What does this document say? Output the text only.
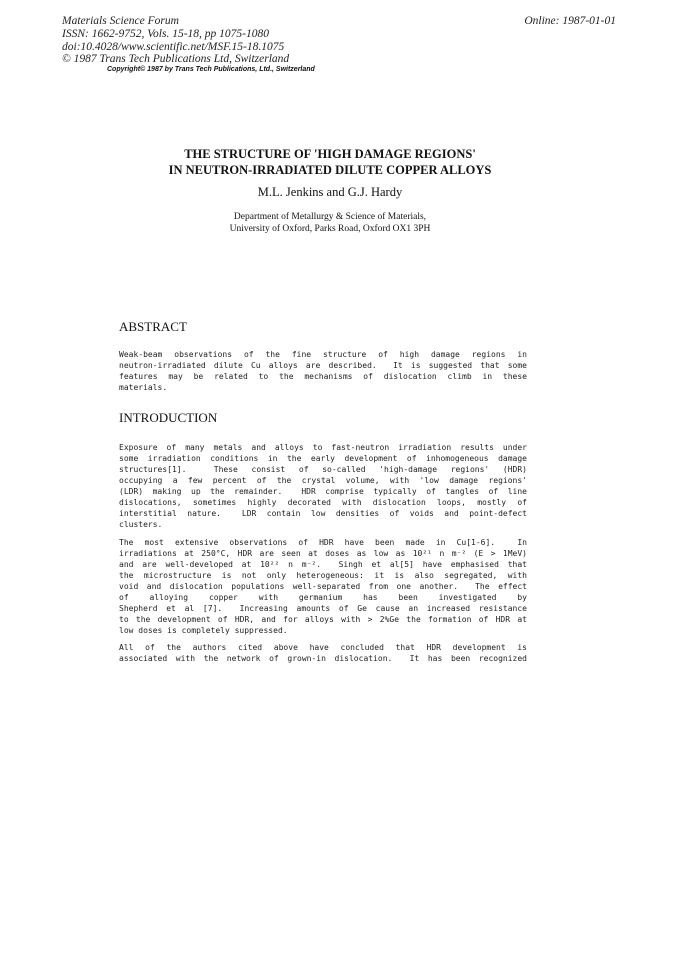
Materials Science Forum
ISSN: 1662-9752, Vols. 15-18, pp 1075-1080
doi:10.4028/www.scientific.net/MSF.15-18.1075
© 1987 Trans Tech Publications Ltd, Switzerland
Online: 1987-01-01
Copyright© 1987 by Trans Tech Publications, Ltd., Switzerland
THE STRUCTURE OF 'HIGH DAMAGE REGIONS'
IN NEUTRON-IRRADIATED DILUTE COPPER ALLOYS
M.L. Jenkins and G.J. Hardy
Department of Metallurgy & Science of Materials,
University of Oxford, Parks Road, Oxford OX1 3PH
ABSTRACT
Weak-beam observations of the fine structure of high damage regions in
neutron-irradiated dilute Cu alloys are described.  It is suggested that some
features may be related to the mechanisms of dislocation climb in these
materials.
INTRODUCTION
Exposure of many metals and alloys to fast-neutron irradiation results under
some irradiation conditions in the early development of inhomogeneous damage
structures[1].  These consist of so-called 'high-damage regions' (HDR)
occupying a few percent of the crystal volume, with 'low damage regions'
(LDR) making up the remainder.  HDR comprise typically of tangles of line
dislocations, sometimes highly decorated with dislocation loops, mostly of
interstitial nature.  LDR contain low densities of voids and point-defect
clusters.
The most extensive observations of HDR have been made in Cu[1-6].  In
irradiations at 250°C, HDR are seen at doses as low as 10²¹ n m⁻² (E > 1MeV)
and are well-developed at 10²² n m⁻².  Singh et al[5] have emphasised that
the microstructure is not only heterogeneous: it is also segregated, with
void and dislocation populations well-separated from one another.  The effect
of alloying copper with germanium has been investigated by
Shepherd et al [7].  Increasing amounts of Ge cause an increased resistance
to the development of HDR, and for alloys with > 2%Ge the formation of HDR at
low doses is completely suppressed.
All of the authors cited above have concluded that HDR development is
associated with the network of grown-in dislocation.  It has been recognized
